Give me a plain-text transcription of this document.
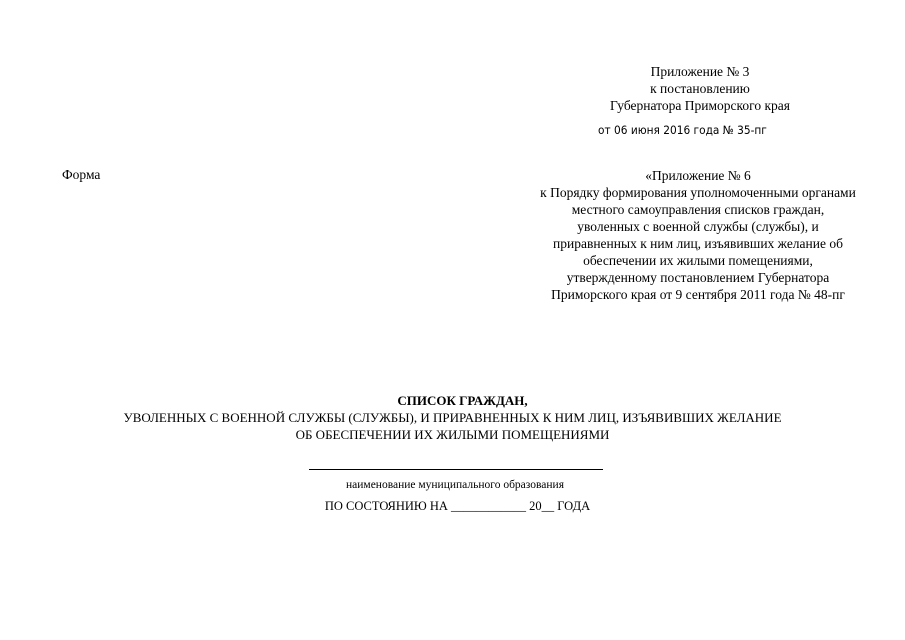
Приложение № 3
к постановлению
Губернатора Приморского края
от 06 июня 2016 года № 35-пг
Форма	«Приложение № 6
к Порядку формирования уполномоченными органами
местного самоуправления списков граждан,
уволенных с военной службы (службы), и
приравненных к ним лиц, изъявивших желание об
обеспечении их жилыми помещениями,
утвержденному постановлением Губернатора
Приморского края от 9 сентября 2011 года № 48-пг
СПИСОК ГРАЖДАН,
УВОЛЕННЫХ С ВОЕННОЙ СЛУЖБЫ (СЛУЖБЫ), И ПРИРАВНЕННЫХ К НИМ ЛИЦ, ИЗЪЯВИВШИХ ЖЕЛАНИЕ
ОБ ОБЕСПЕЧЕНИИ ИХ ЖИЛЫМИ ПОМЕЩЕНИЯМИ
наименование муниципального образования
ПО СОСТОЯНИЮ НА ____________ 20__ ГОДА
